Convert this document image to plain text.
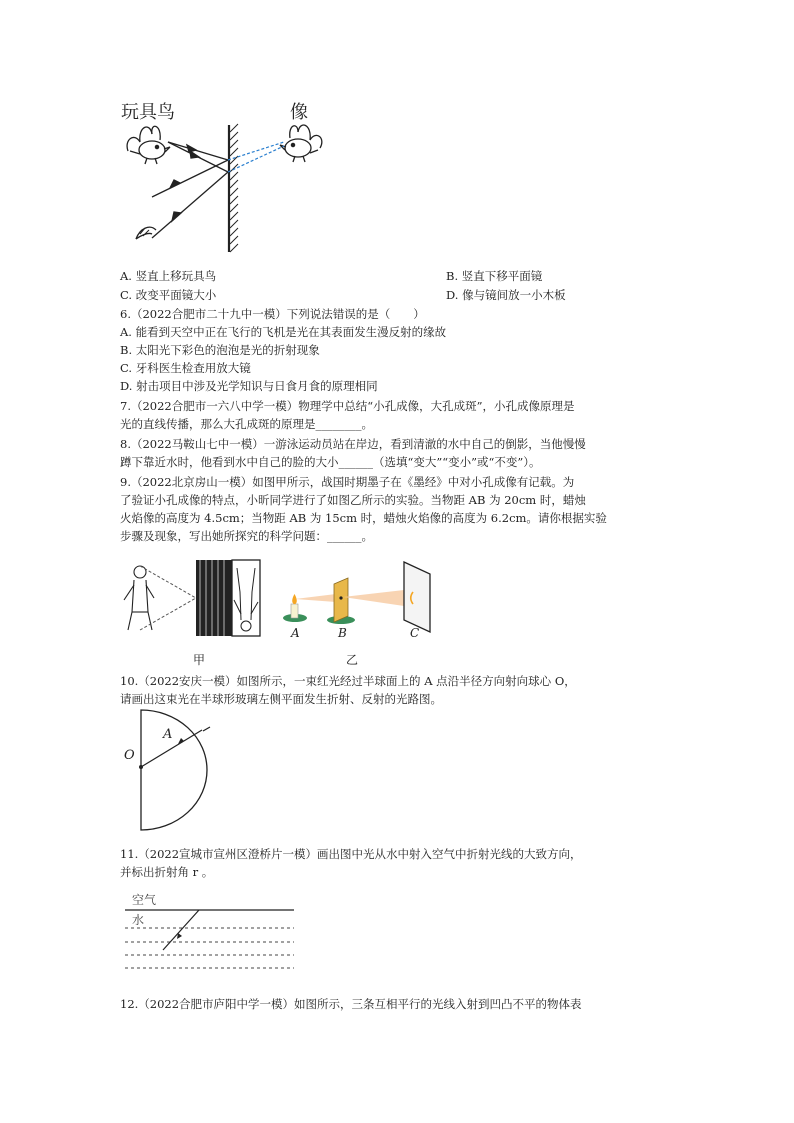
玩具鸟	像
A. 竖直上移玩具鸟	B. 竖直下移平面镜
C. 改变平面镜大小	D. 像与镜间放一小木板
6.（2022合肥市二十九中一模）下列说法错误的是（　　）
A. 能看到天空中正在飞行的飞机是光在其表面发生漫反射的缘故
B. 太阳光下彩色的泡泡是光的折射现象
C. 牙科医生检查用放大镜
D. 射击项目中涉及光学知识与日食月食的原理相同
7.（2022合肥市一六八中学一模）物理学中总结“小孔成像，大孔成斑”，小孔成像原理是
光的直线传播，那么大孔成斑的原理是________。
8.（2022马鞍山七中一模）一游泳运动员站在岸边，看到清澈的水中自己的倒影，当他慢慢
蹲下靠近水时，他看到水中自己的脸的大小______（选填“变大”“变小”或“不变”）。
9.（2022北京房山一模）如图甲所示，战国时期墨子在《墨经》中对小孔成像有记载。为
了验证小孔成像的特点，小昕同学进行了如图乙所示的实验。当物距 AB 为 20cm 时，蜡烛
火焰像的高度为 4.5cm；当物距 AB 为 15cm 时，蜡烛火焰像的高度为 6.2cm。请你根据实验
步骤及现象，写出她所探究的科学问题：______。
A	B	C
甲	乙
10.（2022安庆一模）如图所示，一束红光经过半球面上的 A 点沿半径方向射向球心 O，
请画出这束光在半球形玻璃左侧平面发生折射、反射的光路图。
O
A
11.（2022宣城市宣州区澄桥片一模）画出图中光从水中射入空气中折射光线的大致方向，
并标出折射角 r 。
空气
水
12.（2022合肥市庐阳中学一模）如图所示，三条互相平行的光线入射到凹凸不平的物体表
